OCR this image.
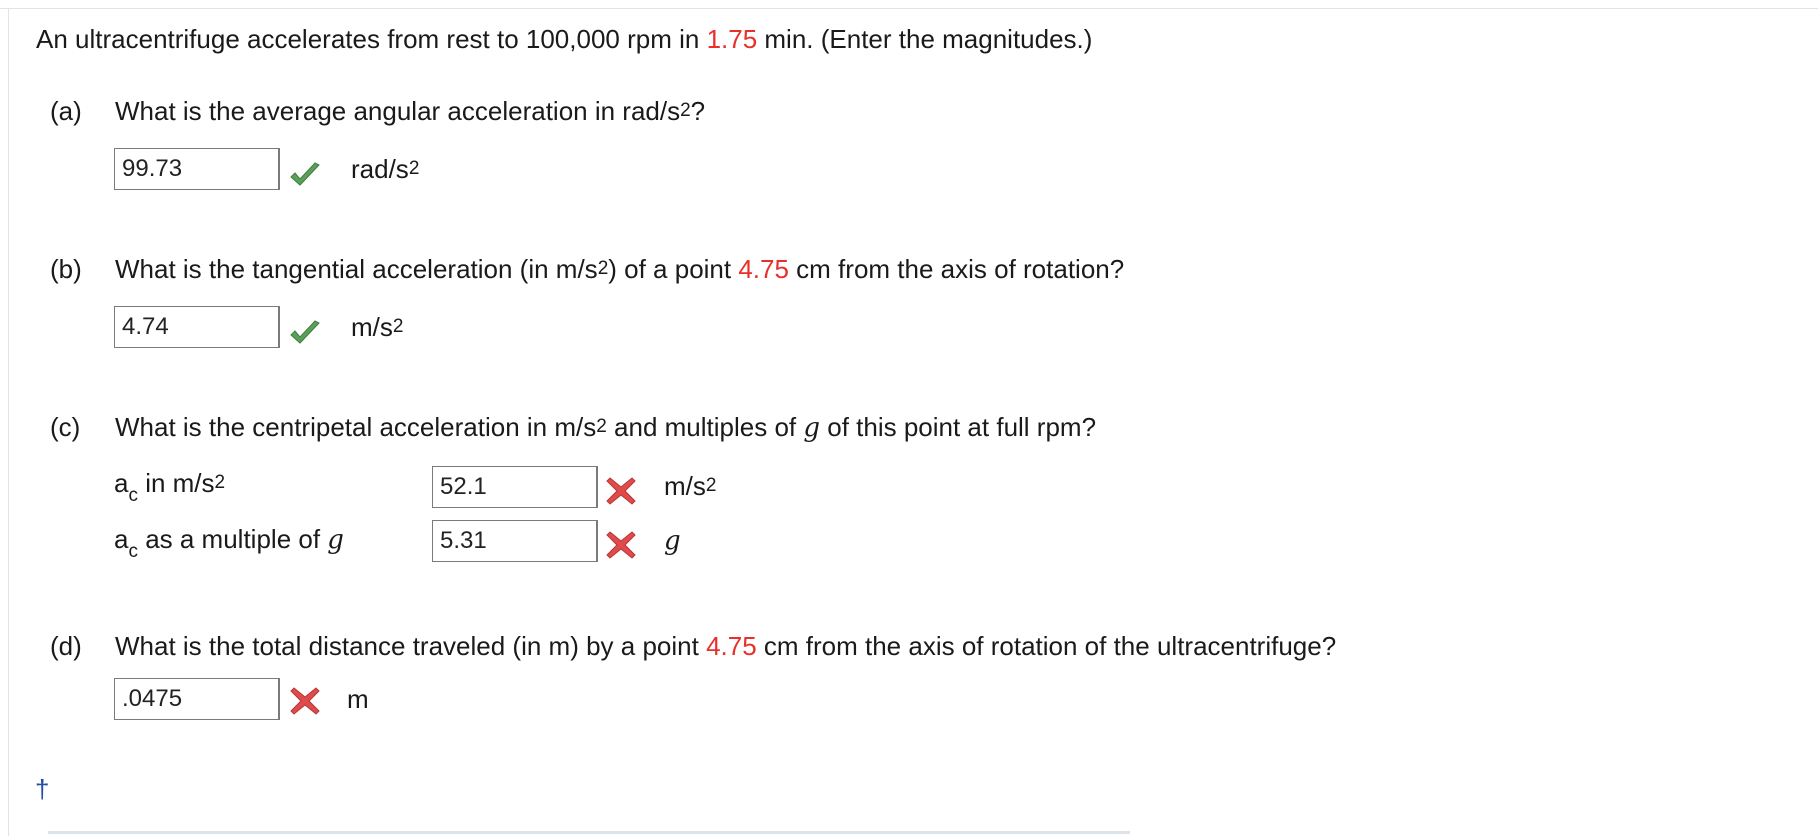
An ultracentrifuge accelerates from rest to 100,000 rpm in 1.75 min. (Enter the magnitudes.)
(a) What is the average angular acceleration in rad/$s^2$?
99.73
rad/$s^2$
(b) What is the tangential acceleration (in $m/s^2$) of a point 4.75 cm from the axis of rotation?
4.74
$m/s^2$
(c) What is the centripetal acceleration in $m/s^2$ and multiples of g of this point at full rpm?
$a_c$ in $m/s^2$
52.1	$m/s^2$
$a_c$ as a multiple of g
5.31	g
(d) What is the total distance traveled (in m) by a point 4.75 cm from the axis of rotation of the ultracentrifuge?
.0475
m
†
